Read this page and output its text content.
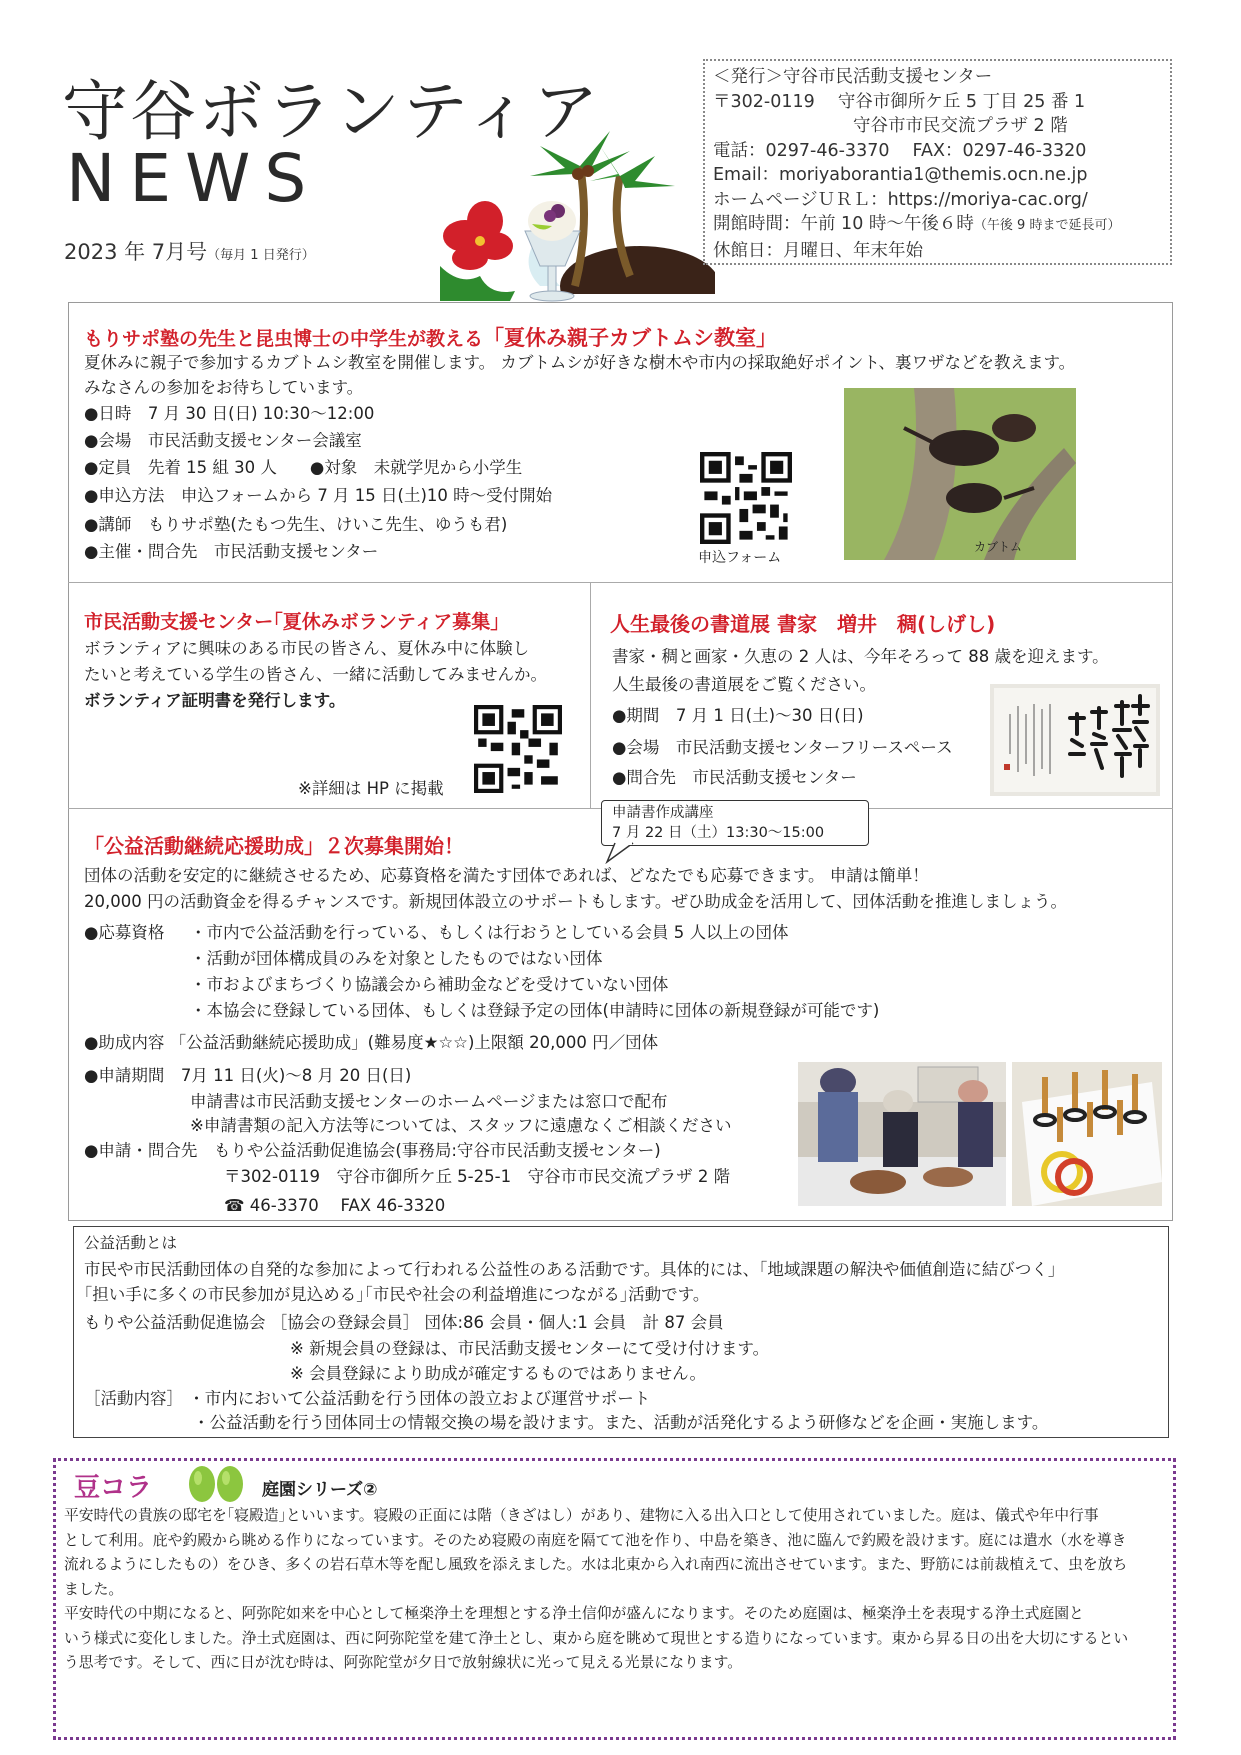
守谷ボランティア
NEWS
2023 年 7月号（毎月 1 日発行）
＜発行＞守谷市民活動支援センター
〒302-0119　 守谷市御所ケ丘 5 丁目 25 番 1
守谷市市民交流プラザ 2 階
電話：0297-46-3370　 FAX：0297-46-3320
Email：moriyaborantia1@themis.ocn.ne.jp
ホームページＵＲＬ：https://moriya-cac.org/
開館時間：午前 10 時～午後６時（午後 9 時まで延長可）
休館日：月曜日、年末年始
もりサポ塾の先生と昆虫博士の中学生が教える「夏休み親子カブトムシ教室」
夏休みに親子で参加するカブトムシ教室を開催します。 カブトムシが好きな樹木や市内の採取絶好ポイント、裏ワザなどを教えます。
みなさんの参加をお待ちしています。
●日時　7 月 30 日(日) 10:30～12:00
●会場　市民活動支援センター会議室
●定員　先着 15 組 30 人　　●対象　未就学児から小学生
●申込方法　申込フォームから 7 月 15 日(土)10 時～受付開始
●講師　もりサポ塾(たもつ先生、けいこ先生、ゆうも君)
●主催・問合先　市民活動支援センター	申込フォーム
カブトム
市民活動支援センター｢夏休みボランティア募集」
ボランティアに興味のある市民の皆さん、夏休み中に体験し
たいと考えている学生の皆さん、一緒に活動してみませんか。
ボランティア証明書を発行します。
※詳細は HP に掲載
人生最後の書道展 書家　増井　稠(しげし)
書家・稠と画家・久恵の 2 人は、今年そろって 88 歳を迎えます。
人生最後の書道展をご覧ください。
●期間　7 月 1 日(土)～30 日(日)
●会場　市民活動支援センターフリースペース
●問合先　市民活動支援センター
申請書作成講座
7 月 22 日（土）13:30～15:00
「公益活動継続応援助成」２次募集開始！
団体の活動を安定的に継続させるため、応募資格を満たす団体であれば、どなたでも応募できます。 申請は簡単！
20,000 円の活動資金を得るチャンスです。新規団体設立のサポートもします。ぜひ助成金を活用して、団体活動を推進しましょう。
●応募資格 ・市内で公益活動を行っている、もしくは行おうとしている会員 5 人以上の団体
・活動が団体構成員のみを対象としたものではない団体
・市およびまちづくり協議会から補助金などを受けていない団体
・本協会に登録している団体、もしくは登録予定の団体(申請時に団体の新規登録が可能です)
●助成内容 「公益活動継続応援助成」(難易度★☆☆)上限額 20,000 円／団体
●申請期間　7月 11 日(火)～8 月 20 日(日)
申請書は市民活動支援センターのホームページまたは窓口で配布
※申請書類の記入方法等については、スタッフに遠慮なくご相談ください
●申請・問合先　もりや公益活動促進協会(事務局:守谷市民活動支援センター)
〒302-0119　守谷市御所ケ丘 5-25-1　守谷市市民交流プラザ 2 階
☎ 46-3370　 FAX 46-3320
公益活動とは
市民や市民活動団体の自発的な参加によって行われる公益性のある活動です。具体的には、｢地域課題の解決や価値創造に結びつく｣
｢担い手に多くの市民参加が見込める｣｢市民や社会の利益増進につながる｣活動です。
もりや公益活動促進協会 ［協会の登録会員］ 団体:86 会員・個人:1 会員　計 87 会員
※ 新規会員の登録は、市民活動支援センターにて受け付けます。
※ 会員登録により助成が確定するものではありません。
［活動内容］ ・市内において公益活動を行う団体の設立および運営サポート
・公益活動を行う団体同士の情報交換の場を設けます。また、活動が活発化するよう研修などを企画・実施します。
豆コラ	庭園シリーズ②
平安時代の貴族の邸宅を｢寝殿造｣といいます。寝殿の正面には階（きざはし）があり、建物に入る出入口として使用されていました。庭は、儀式や年中行事
として利用。庇や釣殿から眺める作りになっています。そのため寝殿の南庭を隔てて池を作り、中島を築き、池に臨んで釣殿を設けます。庭には遣水（水を導き
流れるようにしたもの）をひき、多くの岩石草木等を配し風致を添えました。水は北東から入れ南西に流出させています。また、野筋には前裁植えて、虫を放ち
ました。
平安時代の中期になると、阿弥陀如来を中心として極楽浄土を理想とする浄土信仰が盛んになります。そのため庭園は、極楽浄土を表現する浄土式庭園と
いう様式に変化しました。浄土式庭園は、西に阿弥陀堂を建て浄土とし、東から庭を眺めて現世とする造りになっています。東から昇る日の出を大切にするとい
う思考です。そして、西に日が沈む時は、阿弥陀堂が夕日で放射線状に光って見える光景になります。
